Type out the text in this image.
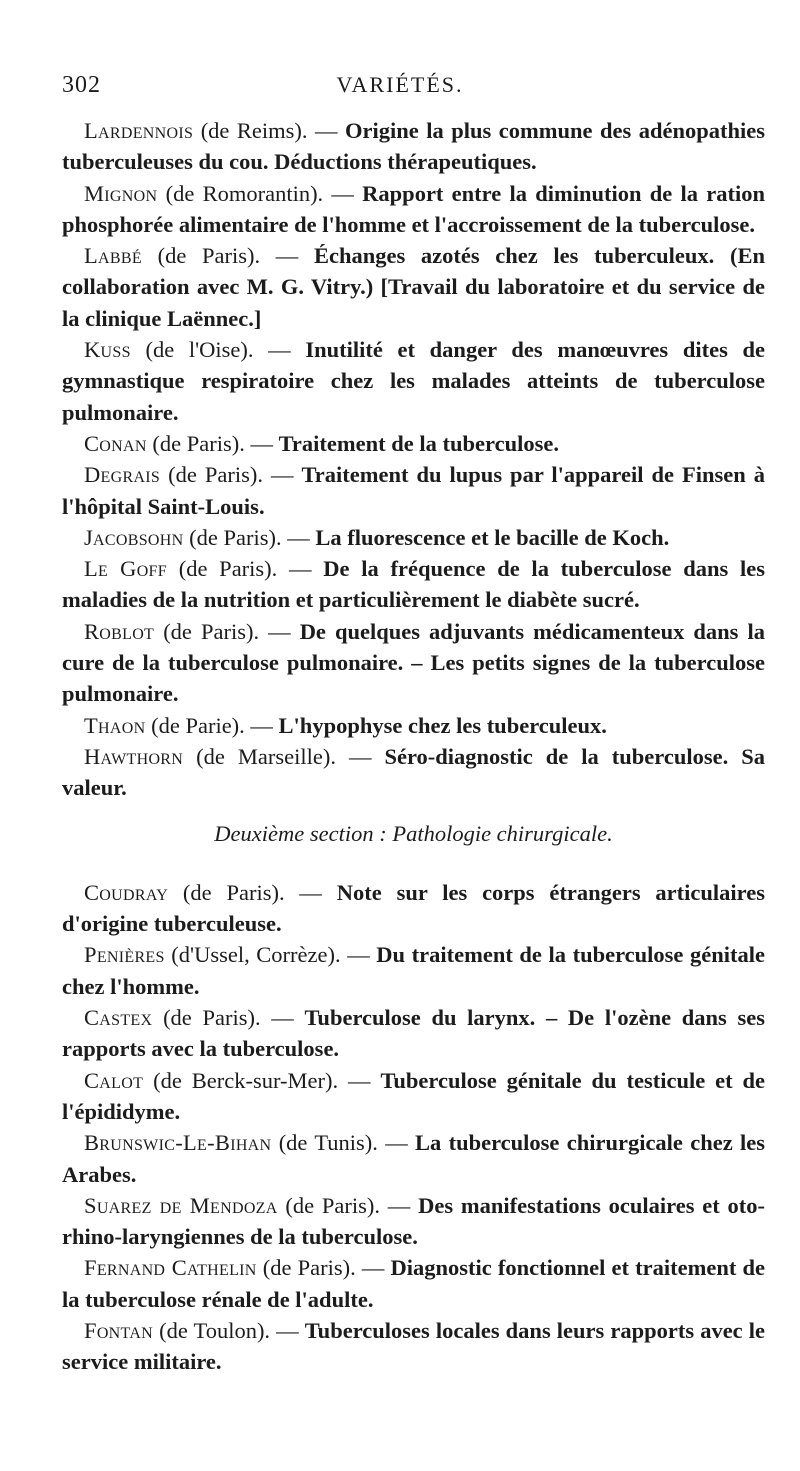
302	VARIÉTÉS.

Lardennois (de Reims). — Origine la plus commune des adénopathies tuberculeuses du cou. Déductions thérapeutiques.

Mignon (de Romorantin). — Rapport entre la diminution de la ration phosphorée alimentaire de l'homme et l'accroissement de la tuberculose.

Labbé (de Paris). — Échanges azotés chez les tuberculeux. (En collaboration avec M. G. Vitry.) [Travail du laboratoire et du service de la clinique Laënnec.]

Kuss (de l'Oise). — Inutilité et danger des manœuvres dites de gymnastique respiratoire chez les malades atteints de tuberculose pulmonaire.

Conan (de Paris). — Traitement de la tuberculose.

Degrais (de Paris). — Traitement du lupus par l'appareil de Finsen à l'hôpital Saint-Louis.

Jacobsohn (de Paris). — La fluorescence et le bacille de Koch.

Le Goff (de Paris). — De la fréquence de la tuberculose dans les maladies de la nutrition et particulièrement le diabète sucré.

Roblot (de Paris). — De quelques adjuvants médicamenteux dans la cure de la tuberculose pulmonaire. – Les petits signes de la tuberculose pulmonaire.

Thaon (de Parie). — L'hypophyse chez les tuberculeux.

Hawthorn (de Marseille). — Séro-diagnostic de la tuberculose. Sa valeur.

Deuxième section : Pathologie chirurgicale.

Coudray (de Paris). — Note sur les corps étrangers articulaires d'origine tuberculeuse.

Penières (d'Ussel, Corrèze). — Du traitement de la tuberculose génitale chez l'homme.

Castex (de Paris). — Tuberculose du larynx. – De l'ozène dans ses rapports avec la tuberculose.

Calot (de Berck-sur-Mer). — Tuberculose génitale du testicule et de l'épididyme.

Brunswic-Le-Bihan (de Tunis). — La tuberculose chirurgicale chez les Arabes.

Suarez de Mendoza (de Paris). — Des manifestations oculaires et oto-rhino-laryngiennes de la tuberculose.

Fernand Cathelin (de Paris). — Diagnostic fonctionnel et traitement de la tuberculose rénale de l'adulte.

Fontan (de Toulon). — Tuberculoses locales dans leurs rapports avec le service militaire.
